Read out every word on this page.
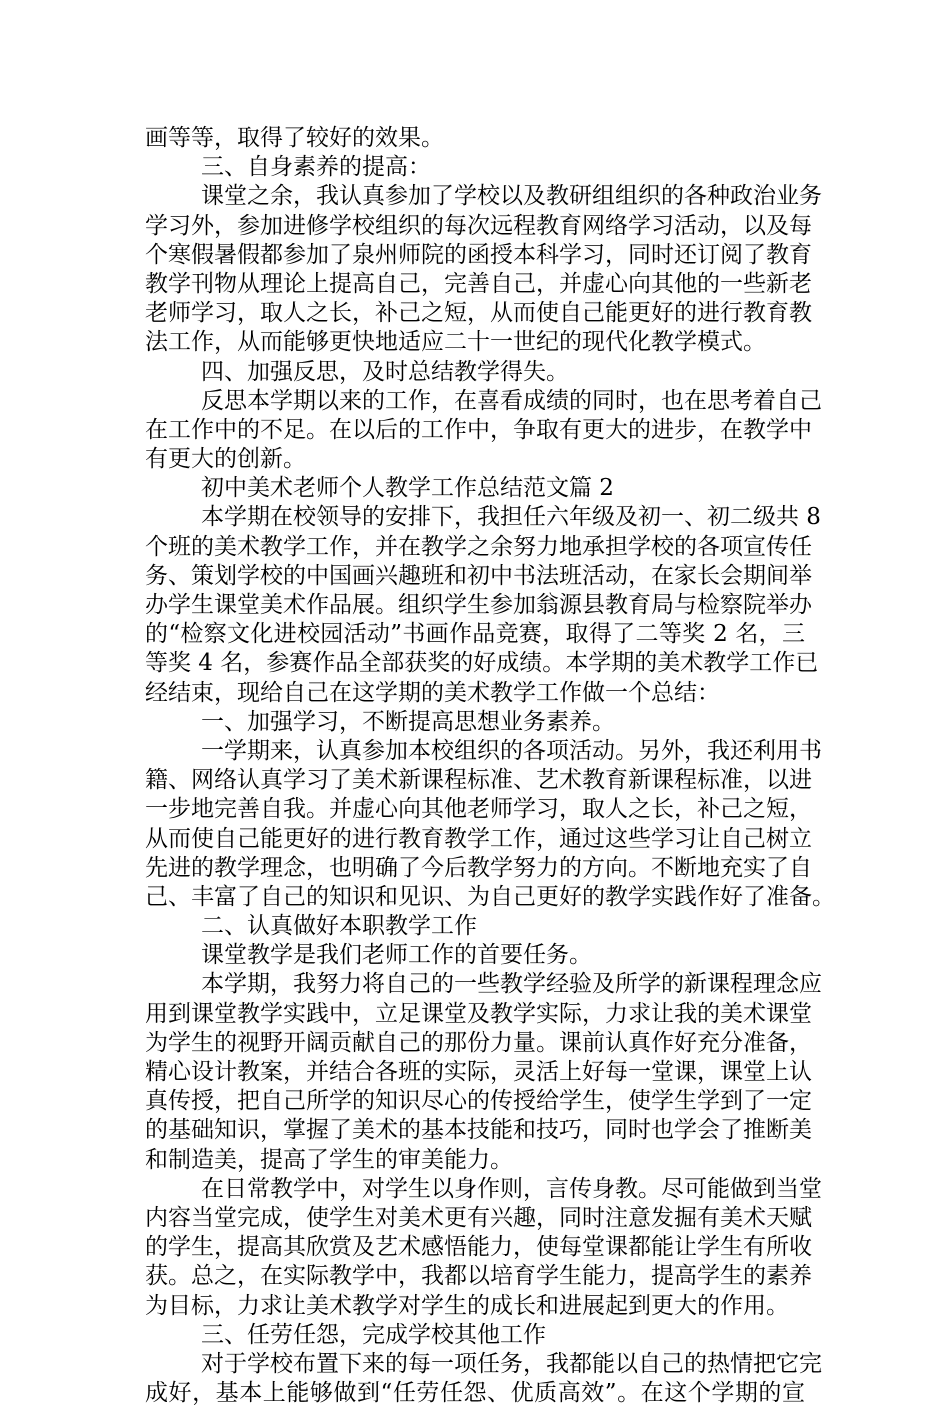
画等等，取得了较好的效果。
三、自身素养的提高：
课堂之余，我认真参加了学校以及教研组组织的各种政治业务
学习外，参加进修学校组织的每次远程教育网络学习活动，以及每
个寒假暑假都参加了泉州师院的函授本科学习，同时还订阅了教育
教学刊物从理论上提高自己，完善自己，并虚心向其他的一些新老
老师学习，取人之长，补己之短，从而使自己能更好的进行教育教
法工作，从而能够更快地适应二十一世纪的现代化教学模式。
四、加强反思，及时总结教学得失。
反思本学期以来的工作，在喜看成绩的同时，也在思考着自己
在工作中的不足。在以后的工作中，争取有更大的进步，在教学中
有更大的创新。
初中美术老师个人教学工作总结范文篇 2
本学期在校领导的安排下，我担任六年级及初一、初二级共 8
个班的美术教学工作，并在教学之余努力地承担学校的各项宣传任
务、策划学校的中国画兴趣班和初中书法班活动，在家长会期间举
办学生课堂美术作品展。组织学生参加翁源县教育局与检察院举办
的“检察文化进校园活动”书画作品竞赛，取得了二等奖 2 名，三
等奖 4 名，参赛作品全部获奖的好成绩。本学期的美术教学工作已
经结束，现给自己在这学期的美术教学工作做一个总结：
一、加强学习，不断提高思想业务素养。
一学期来，认真参加本校组织的各项活动。另外，我还利用书
籍、网络认真学习了美术新课程标准、艺术教育新课程标准，以进
一步地完善自我。并虚心向其他老师学习，取人之长，补己之短，
从而使自己能更好的进行教育教学工作，通过这些学习让自己树立
先进的教学理念，也明确了今后教学努力的方向。不断地充实了自
己、丰富了自己的知识和见识、为自己更好的教学实践作好了准备。
二、认真做好本职教学工作
课堂教学是我们老师工作的首要任务。
本学期，我努力将自己的一些教学经验及所学的新课程理念应
用到课堂教学实践中，立足课堂及教学实际，力求让我的美术课堂
为学生的视野开阔贡献自己的那份力量。课前认真作好充分准备，
精心设计教案，并结合各班的实际，灵活上好每一堂课，课堂上认
真传授，把自己所学的知识尽心的传授给学生，使学生学到了一定
的基础知识，掌握了美术的基本技能和技巧，同时也学会了推断美
和制造美，提高了学生的审美能力。
在日常教学中，对学生以身作则，言传身教。尽可能做到当堂
内容当堂完成，使学生对美术更有兴趣，同时注意发掘有美术天赋
的学生，提高其欣赏及艺术感悟能力，使每堂课都能让学生有所收
获。总之，在实际教学中，我都以培育学生能力，提高学生的素养
为目标，力求让美术教学对学生的成长和进展起到更大的作用。
三、任劳任怨，完成学校其他工作
对于学校布置下来的每一项任务，我都能以自己的热情把它完
成好，基本上能够做到“任劳任怨、优质高效”。在这个学期的宣
